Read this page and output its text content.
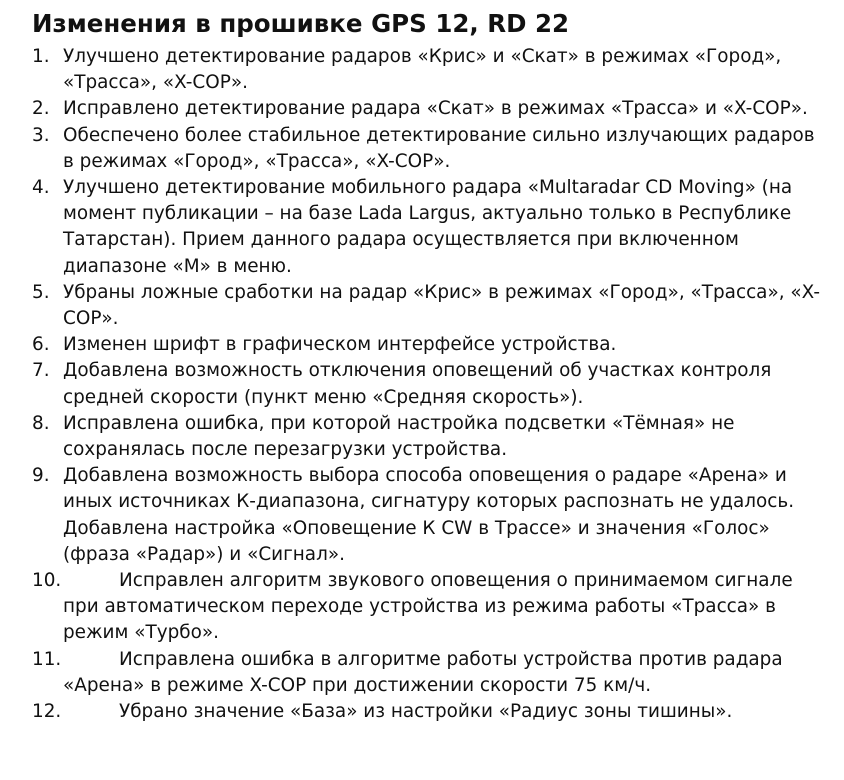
Изменения в прошивке GPS 12, RD 22
1. Улучшено детектирование радаров «Крис» и «Скат» в режимах «Город», «Трасса», «X-COP».
2. Исправлено детектирование радара «Скат» в режимах «Трасса» и «X-COP».
3. Обеспечено более стабильное детектирование сильно излучающих радаров в режимах «Город», «Трасса», «X-COP».
4. Улучшено детектирование мобильного радара «Multaradar CD Moving» (на момент публикации – на базе Lada Largus, актуально только в Республике Татарстан). Прием данного радара осуществляется при включенном диапазоне «М» в меню.
5. Убраны ложные сработки на радар «Крис» в режимах «Город», «Трасса», «X-COP».
6. Изменен шрифт в графическом интерфейсе устройства.
7. Добавлена возможность отключения оповещений об участках контроля средней скорости (пункт меню «Средняя скорость»).
8. Исправлена ошибка, при которой настройка подсветки «Тёмная» не сохранялась после перезагрузки устройства.
9. Добавлена возможность выбора способа оповещения о радаре «Арена» и иных источниках К-диапазона, сигнатуру которых распознать не удалось. Добавлена настройка «Оповещение К CW в Трассе» и значения «Голос» (фраза «Радар») и «Сигнал».
10.	Исправлен алгоритм звукового оповещения о принимаемом сигнале при автоматическом переходе устройства из режима работы «Трасса» в режим «Турбо».
11.	Исправлена ошибка в алгоритме работы устройства против радара «Арена» в режиме X-COP при достижении скорости 75 км/ч.
12.	Убрано значение «База» из настройки «Радиус зоны тишины».
